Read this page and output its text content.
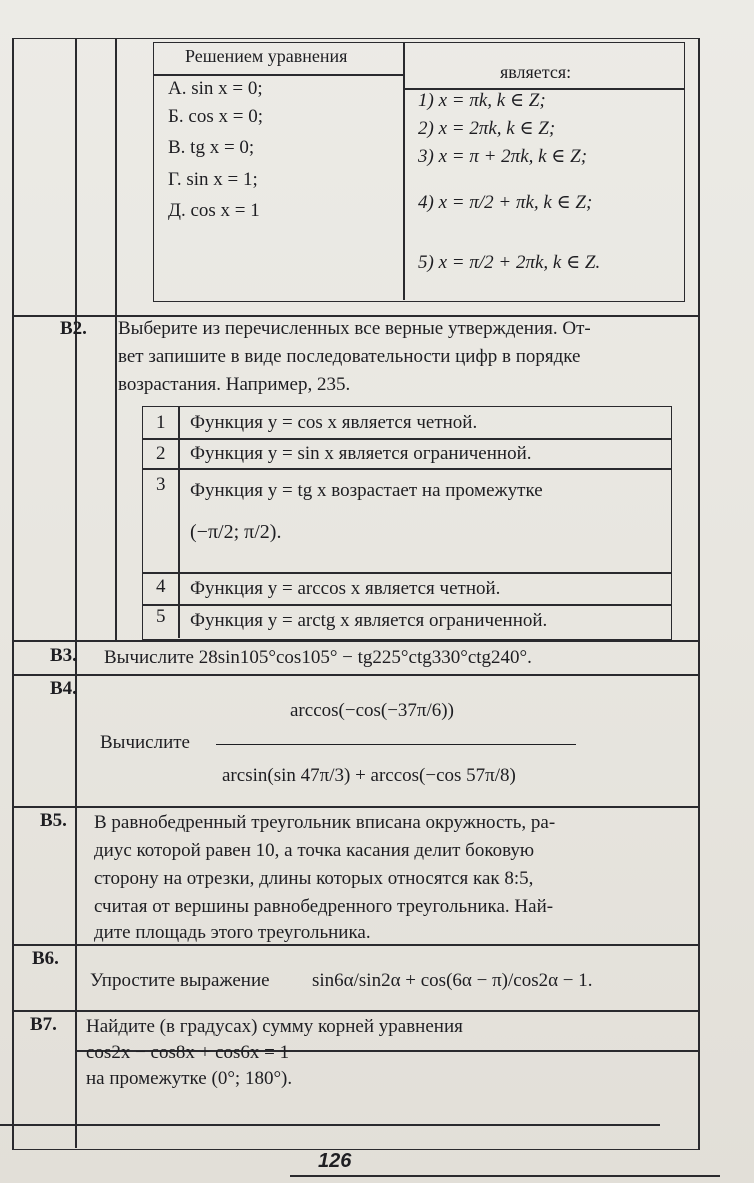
Решением уравнения
является:
А. sin x = 0;
Б. cos x = 0;
В. tg x = 0;
Г. sin x = 1;
Д. cos x = 1
1) x = πk, k ∈ Z;
2) x = 2πk, k ∈ Z;
3) x = π + 2πk, k ∈ Z;
4) x = π/2 + πk, k ∈ Z;
5) x = π/2 + 2πk, k ∈ Z.
B2. Выберите из перечисленных все верные утверждения. От-
вет запишите в виде последовательности цифр в порядке
возрастания. Например, 235.
1 Функция y = cos x является четной.
2 Функция y = sin x является ограниченной.
3 Функция y = tg x возрастает на промежутке
(−π/2; π/2).
4 Функция y = arccos x является четной.
5 Функция y = arctg x является ограниченной.
B3. Вычислите 28sin105°cos105° − tg225°ctg330°ctg240°.
B4.
Вычислите
arccos(−cos(−37π/6))
arcsin(sin 47π/3) + arccos(−cos 57π/8)
B5. В равнобедренный треугольник вписана окружность, ра-
диус которой равен 10, а точка касания делит боковую
сторону на отрезки, длины которых относятся как 8:5,
считая от вершины равнобедренного треугольника. Най-
дите площадь этого треугольника.
B6.
Упростите выражение sin6α/sin2α + cos(6α − π)/cos2α − 1.
B7. Найдите (в градусах) сумму корней уравнения
cos2x − cos8x + cos6x = 1
на промежутке (0°; 180°).
126
